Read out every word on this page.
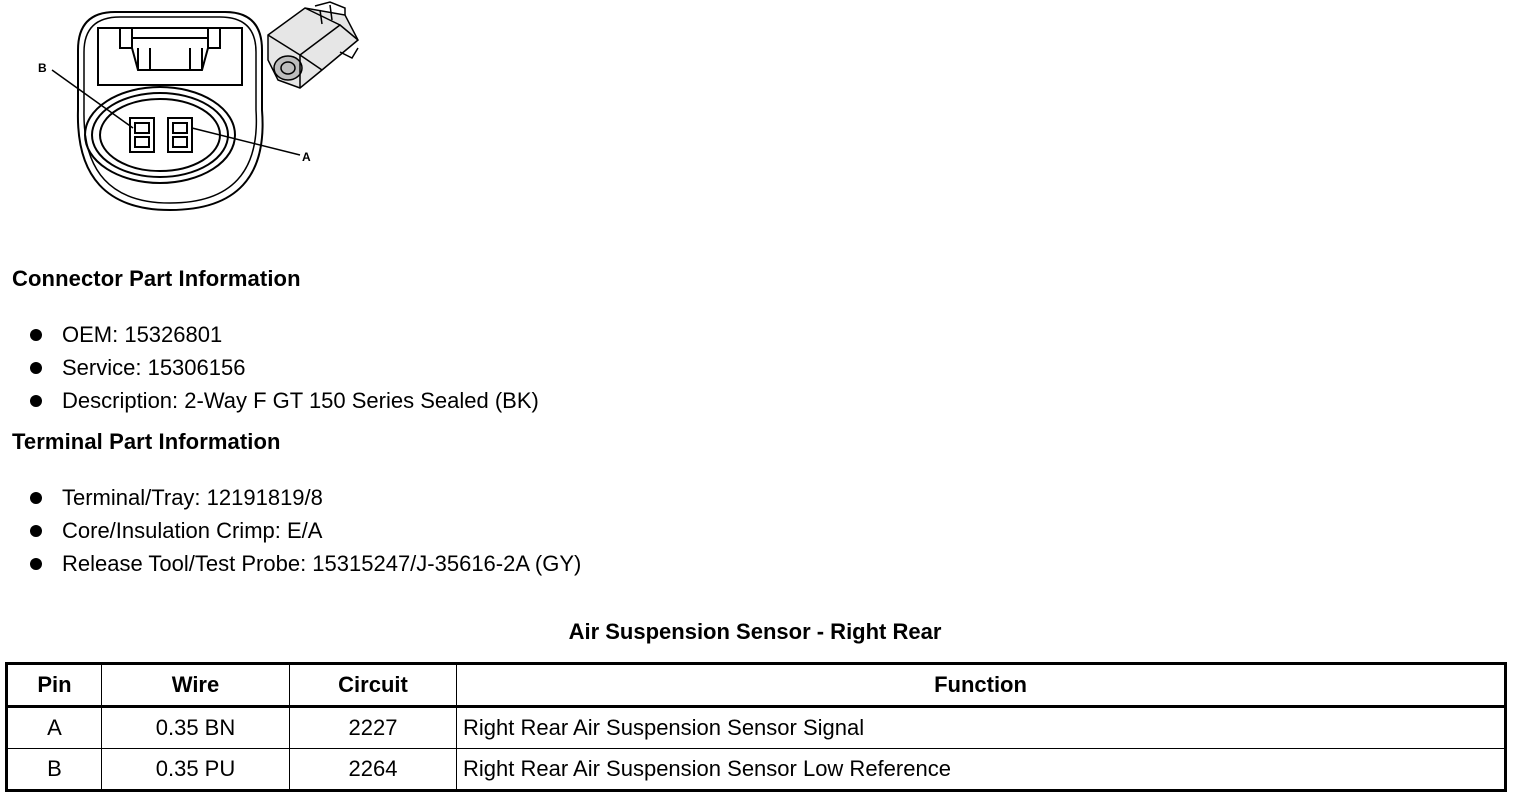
B
A
Connector Part Information
OEM: 15326801
Service: 15306156
Description: 2-Way F GT 150 Series Sealed (BK)
Terminal Part Information
Terminal/Tray: 12191819/8
Core/Insulation Crimp: E/A
Release Tool/Test Probe: 15315247/J-35616-2A (GY)
Air Suspension Sensor - Right Rear
Pin	Wire	Circuit	Function
A	0.35 BN	2227	Right Rear Air Suspension Sensor Signal
B	0.35 PU	2264	Right Rear Air Suspension Sensor Low Reference
